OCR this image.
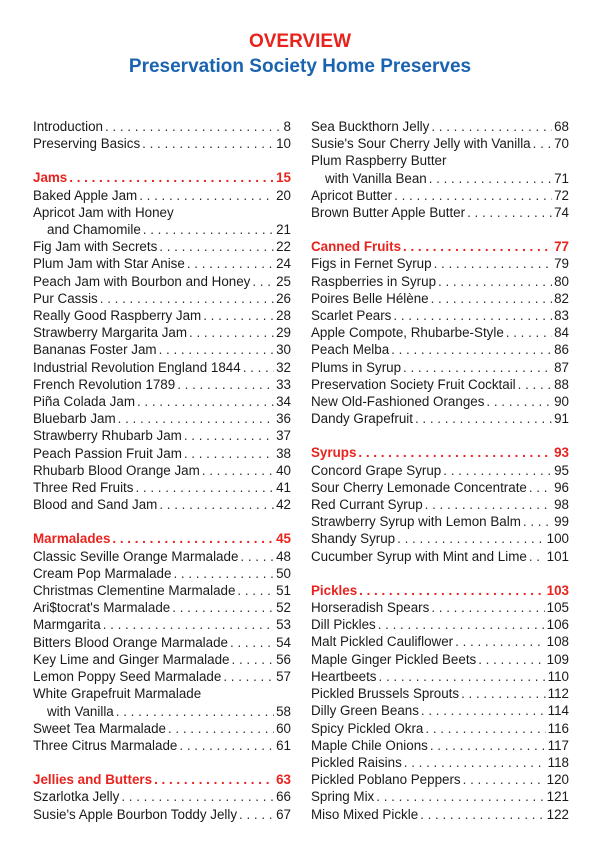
OVERVIEW
Preservation Society Home Preserves
Introduction . . .	8
Preserving Basics . . .	10
Jams . . .	15
Baked Apple Jam . . .	20
Apricot Jam with Honey
and Chamomile . . .	21
Fig Jam with Secrets . . .	22
Plum Jam with Star Anise . . .	24
Peach Jam with Bourbon and Honey . . . 25
Pur Cassis . . .	26
Really Good Raspberry Jam . . .	28
Strawberry Margarita Jam . . .	29
Bananas Foster Jam . . .	30
Industrial Revolution England 1844 . . .	32
French Revolution 1789 . . .	33
Piña Colada Jam . . .	34
Bluebarb Jam . . .	36
Strawberry Rhubarb Jam . . .	37
Peach Passion Fruit Jam . . .	38
Rhubarb Blood Orange Jam . . .	40
Three Red Fruits . . .	41
Blood and Sand Jam . . .	42
Marmalades . . .	45
Classic Seville Orange Marmalade . . .	48
Cream Pop Marmalade . . .	50
Christmas Clementine Marmalade . . .	51
Ari$tocrat's Marmalade . . .	52
Marmgarita . . .	53
Bitters Blood Orange Marmalade . . .	54
Key Lime and Ginger Marmalade . . .	56
Lemon Poppy Seed Marmalade . . .	57
White Grapefruit Marmalade
with Vanilla . . .	58
Sweet Tea Marmalade . . .	60
Three Citrus Marmalade . . .	61
Jellies and Butters . . .	63
Szarlotka Jelly . . .	66
Susie's Apple Bourbon Toddy Jelly . . .	67
Sea Buckthorn Jelly . . .	68
Susie's Sour Cherry Jelly with Vanilla . . . 70
Plum Raspberry Butter
with Vanilla Bean . . .	71
Apricot Butter . . .	72
Brown Butter Apple Butter . . .	74
Canned Fruits . . .	77
Figs in Fernet Syrup . . .	79
Raspberries in Syrup . . .	80
Poires Belle Hélène . . .	82
Scarlet Pears . . .	83
Apple Compote, Rhubarbe-Style . . .	84
Peach Melba . . .	86
Plums in Syrup . . .	87
Preservation Society Fruit Cocktail . . .	88
New Old-Fashioned Oranges . . .	90
Dandy Grapefruit . . .	91
Syrups . . .	93
Concord Grape Syrup . . .	95
Sour Cherry Lemonade Concentrate . . . 96
Red Currant Syrup . . .	98
Strawberry Syrup with Lemon Balm . . . 99
Shandy Syrup . . .	100
Cucumber Syrup with Mint and Lime . . . 101
Pickles . . .	103
Horseradish Spears . . .	105
Dill Pickles . . .	106
Malt Pickled Cauliflower . . .	108
Maple Ginger Pickled Beets . . .	109
Heartbeets . . .	110
Pickled Brussels Sprouts . . .	112
Dilly Green Beans . . .	114
Spicy Pickled Okra . . .	116
Maple Chile Onions . . .	117
Pickled Raisins . . .	118
Pickled Poblano Peppers . . .	120
Spring Mix . . .	121
Miso Mixed Pickle . . .	122
